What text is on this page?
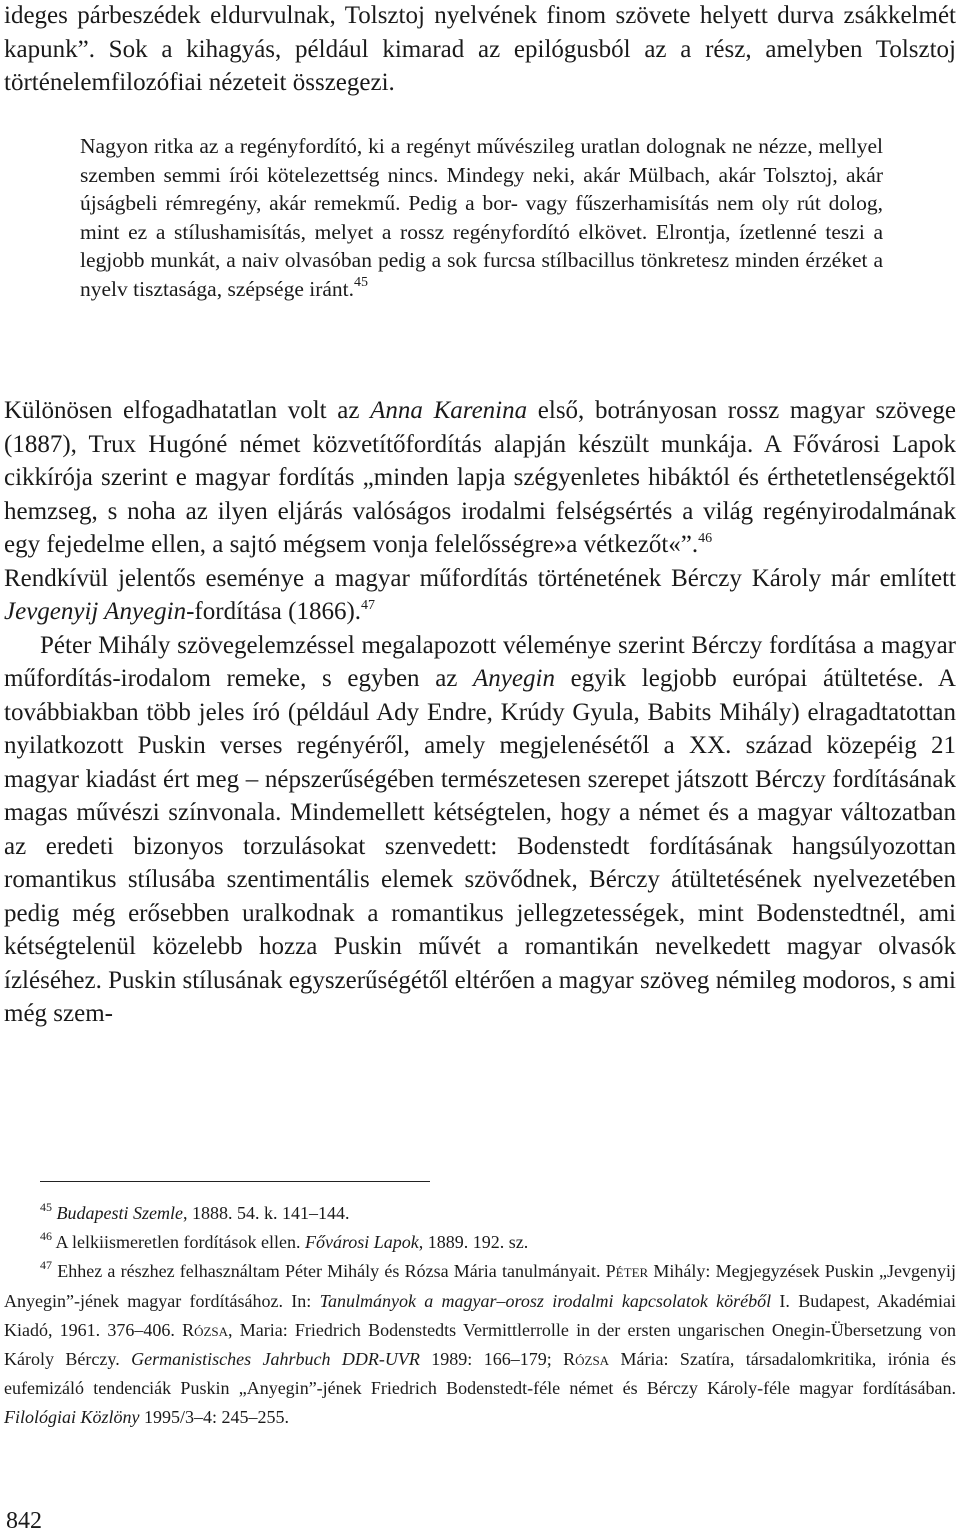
ideges párbeszédek eldurvulnak, Tolsztoj nyelvének finom szövete helyett durva zsákkelmét kapunk”. Sok a kihagyás, például kimarad az epilógusból az a rész, amelyben Tolsztoj történelemfilozófiai nézeteit összegezi.

Nagyon ritka az a regényfordító, ki a regényt művészileg uratlan dolognak ne nézze, mellyel szemben semmi írói kötelezettség nincs. Mindegy neki, akár Mülbach, akár Tolsztoj, akár újságbeli rémregény, akár remekmű. Pedig a bor- vagy fűszerhamisítás nem oly rút dolog, mint ez a stílushamisítás, melyet a rossz regényfordító elkövet. Elrontja, ízetlenné teszi a legjobb munkát, a naiv olvasóban pedig a sok furcsa stílbacillus tönkretesz minden érzéket a nyelv tisztasága, szépsége iránt.$^{45}$

Különösen elfogadhatatlan volt az Anna Karenina első, botrányosan rossz magyar szövege (1887), Trux Hugóné német közvetítőfordítás alapján készült munkája. A Fővárosi Lapok cikkírója szerint e magyar fordítás „minden lapja szégyenletes hibáktól és érthetetlenségektől hemzseg, s noha az ilyen eljárás valóságos irodalmi felségsértés a világ regényirodalmának egy fejedelme ellen, a sajtó mégsem vonja felelősségre»a vétkezőt«”.$^{46}$

Rendkívül jelentős eseménye a magyar műfordítás történetének Bérczy Károly már említett Jevgenyij Anyegin-fordítása (1866).$^{47}$

Péter Mihály szövegelemzéssel megalapozott véleménye szerint Bérczy fordítása a magyar műfordítás-irodalom remeke, s egyben az Anyegin egyik legjobb európai átültetése. A továbbiakban több jeles író (például Ady Endre, Krúdy Gyula, Babits Mihály) elragadtatottan nyilatkozott Puskin verses regényéről, amely megjelenésétől a XX. század közepéig 21 magyar kiadást ért meg – népszerűségében természetesen szerepet játszott Bérczy fordításának magas művészi színvonala. Mindemellett kétségtelen, hogy a német és a magyar változatban az eredeti bizonyos torzulásokat szenvedett: Bodenstedt fordításának hangsúlyozottan romantikus stílusába szentimentális elemek szövődnek, Bérczy átültetésének nyelvezetében pedig még erősebben uralkodnak a romantikus jellegzetességek, mint Bodenstedtnél, ami kétségtelenül közelebb hozza Puskin művét a romantikán nevelkedett magyar olvasók ízléséhez. Puskin stílusának egyszerűségétől eltérően a magyar szöveg némileg modoros, s ami még szem-

$^{45}$ Budapesti Szemle, 1888. 54. k. 141–144.

$^{46}$ A lelkiismeretlen fordítások ellen. Fővárosi Lapok, 1889. 192. sz.

$^{47}$ Ehhez a részhez felhasználtam Péter Mihály és Rózsa Mária tanulmányait. Péter Mihály: Megjegyzések Puskin „Jevgenyij Anyegin”-jének magyar fordításához. In: Tanulmányok a magyar–orosz irodalmi kapcsolatok köréből I. Budapest, Akadémiai Kiadó, 1961. 376–406. Rózsa, Maria: Friedrich Bodenstedts Vermittlerrolle in der ersten ungarischen Onegin-Übersetzung von Károly Bérczy. Germanistisches Jahrbuch DDR-UVR 1989: 166–179; Rózsa Mária: Szatíra, társadalomkritika, irónia és eufemizáló tendenciák Puskin „Anyegin”-jének Friedrich Bodenstedt-féle német és Bérczy Károly-féle magyar fordításában. Filológiai Közlöny 1995/3–4: 245–255.

842
